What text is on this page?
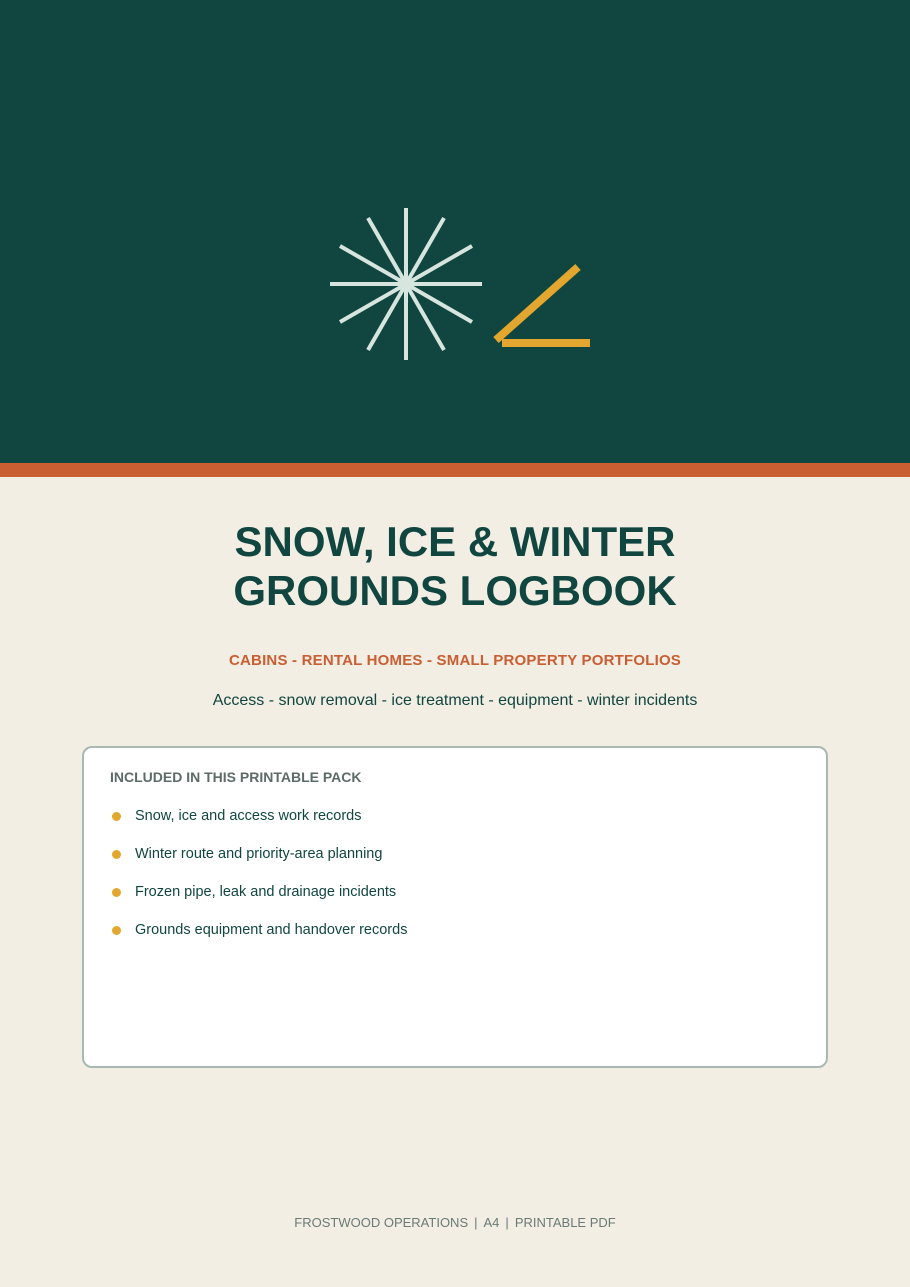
SNOW, ICE & WINTER
GROUNDS LOGBOOK
CABINS - RENTAL HOMES - SMALL PROPERTY PORTFOLIOS
Access - snow removal - ice treatment - equipment - winter incidents
INCLUDED IN THIS PRINTABLE PACK
Snow, ice and access work records
Winter route and priority-area planning
Frozen pipe, leak and drainage incidents
Grounds equipment and handover records
FROSTWOOD OPERATIONS | A4 | PRINTABLE PDF
